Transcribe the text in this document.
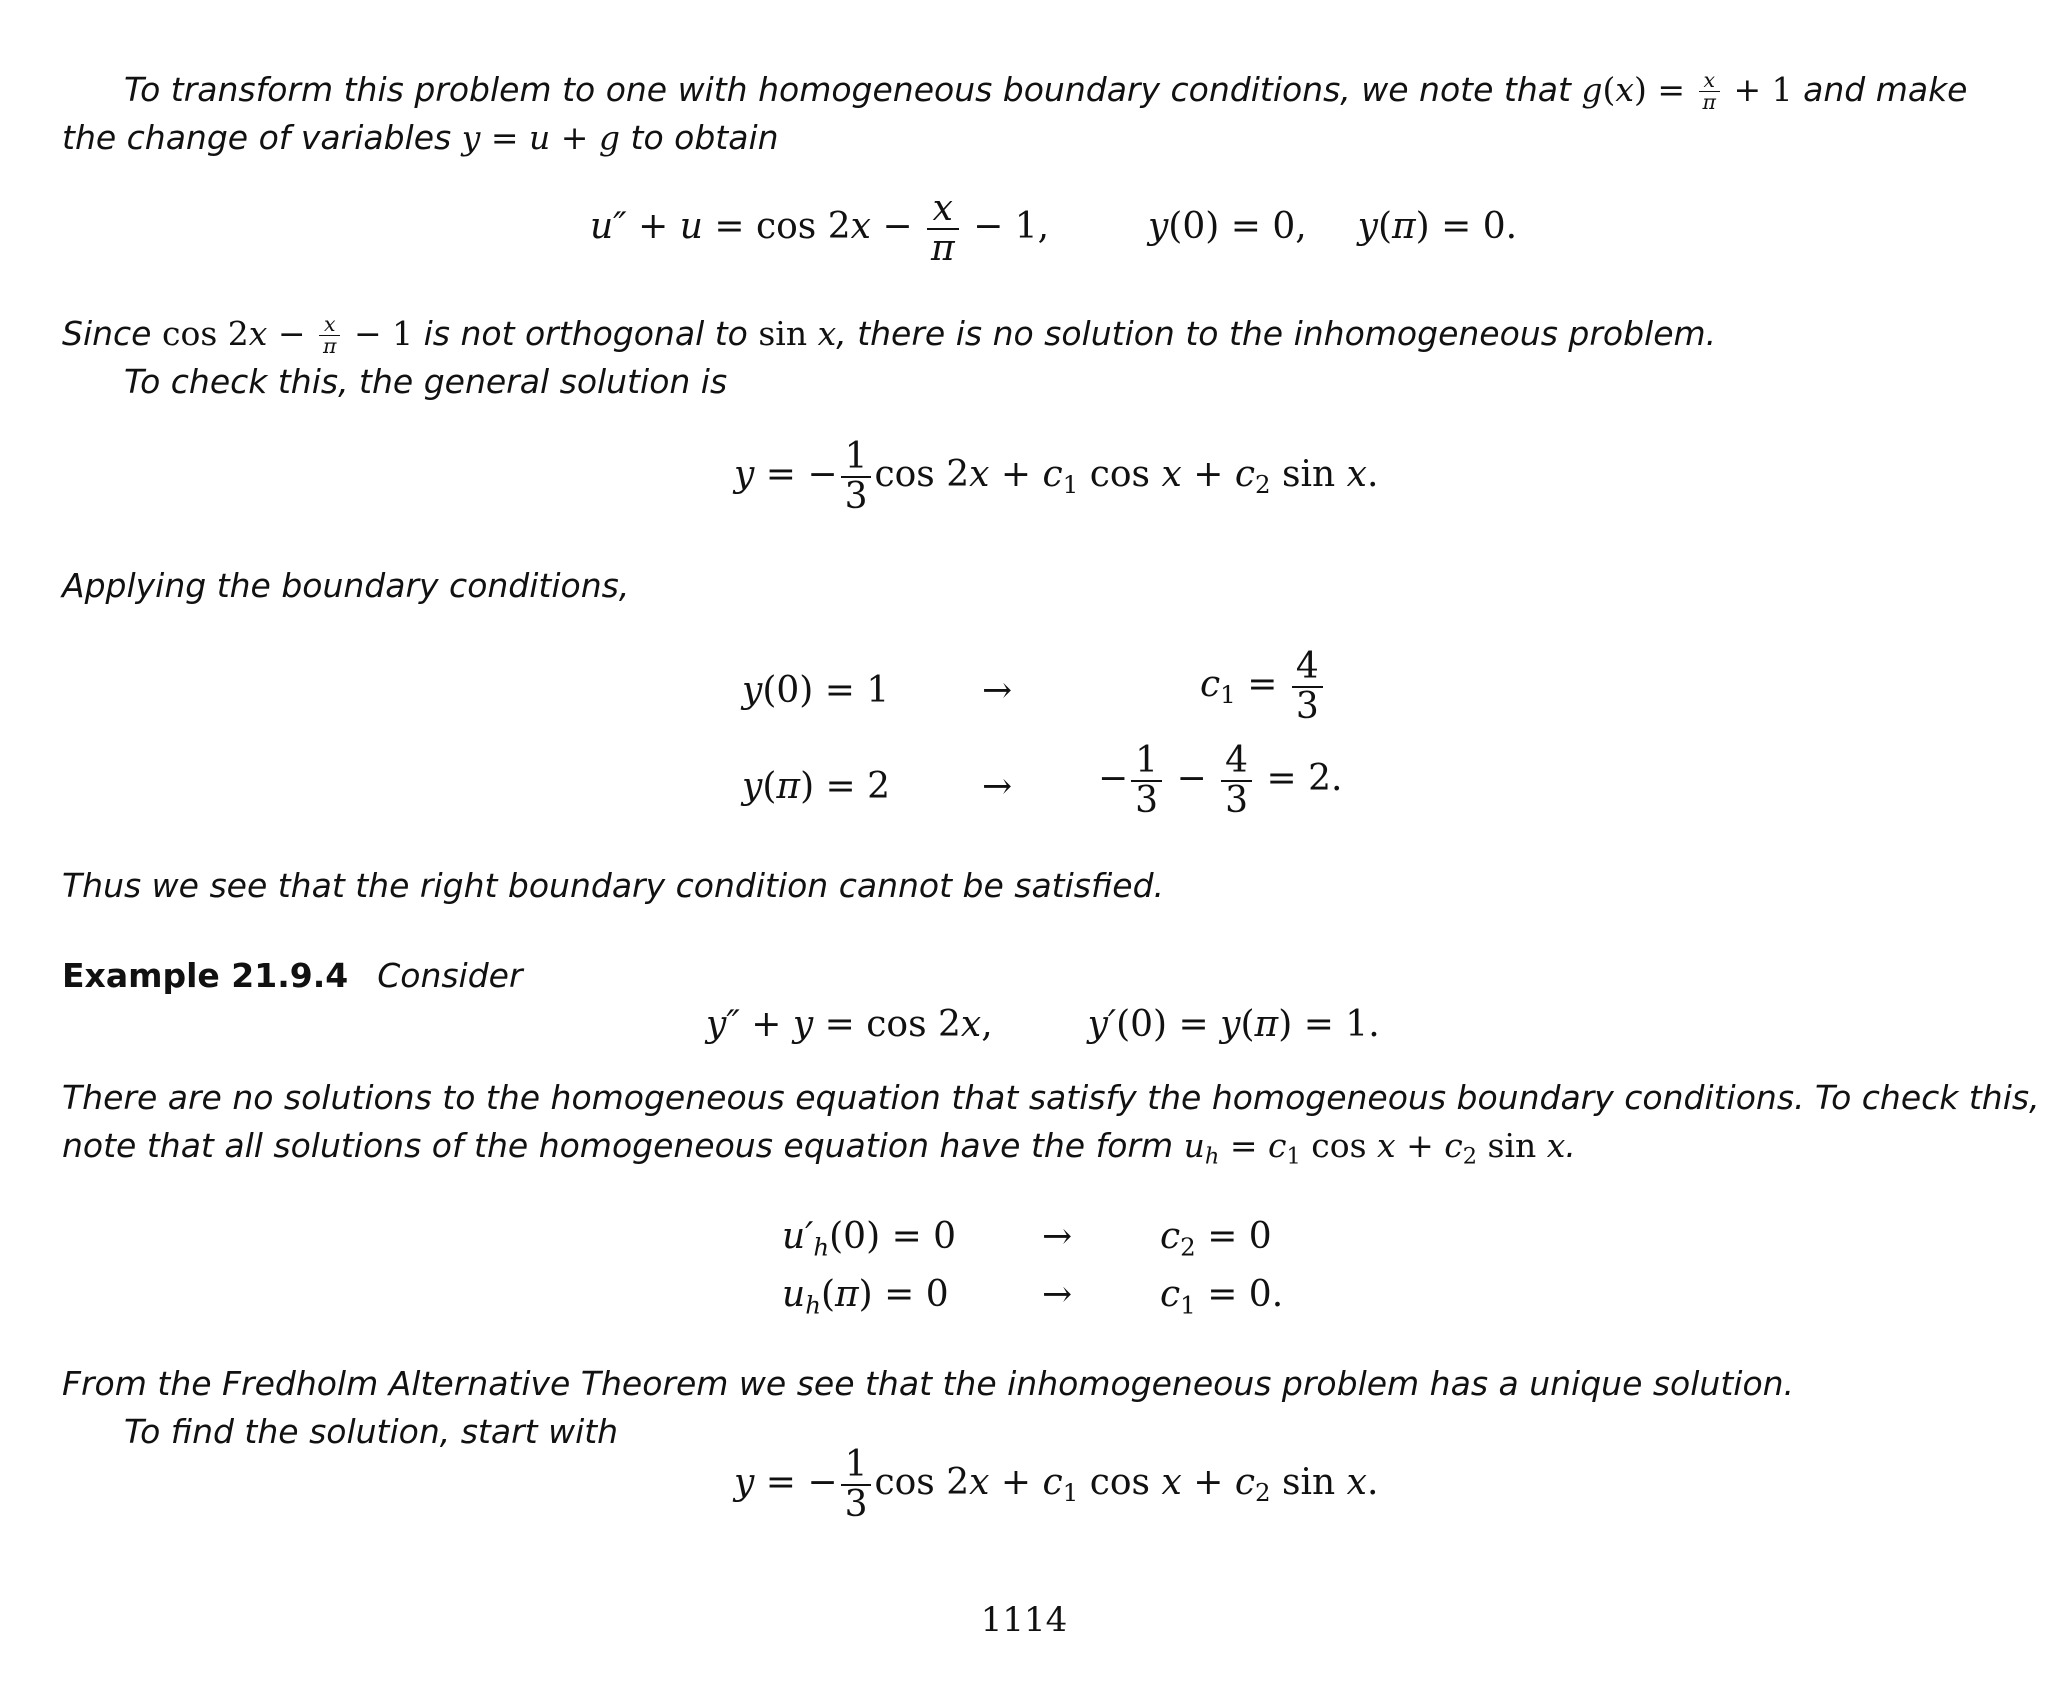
To transform this problem to one with homogeneous boundary conditions, we note that $g(x) = \frac{x}{\pi} + 1$ and make
the change of variables y = u + g to obtain
$u'' + u = \cos 2x - \frac{x}{\pi} - 1$,  y(0) = 0,  y(π) = 0.
Since $\cos 2x - \frac{x}{\pi} - 1$ is not orthogonal to sin x, there is no solution to the inhomogeneous problem.
To check this, the general solution is
y = − $\frac{1}{3}$ $\cos 2x + c_1$ $\cos x + c_2$ sin x.
Applying the boundary conditions,
y(0) = 1	→	$c_1 = \frac{4}{3}$
y(π) = 2	→ − $\frac{1}{3} - \frac{4}{3} = 2$.
Thus we see that the right boundary condition cannot be satisfied.
Example 21.9.4 Consider
y″ + y = cos 2x,  y′(0) = y(π) = 1.
There are no solutions to the homogeneous equation that satisfy the homogeneous boundary conditions. To check this,
note that all solutions of the homogeneous equation have the form $u_h = c_1$ $\cos x + c_2$ sin x.
$u'_h(0) = 0 \to c_2 = 0$
$u_h(\pi) = 0$	→ $c_1 = 0$.
From the Fredholm Alternative Theorem we see that the inhomogeneous problem has a unique solution.
To find the solution, start with
y = − $\frac{1}{3}$ $\cos 2x + c_1$ $\cos x + c_2$ sin x.
1114
